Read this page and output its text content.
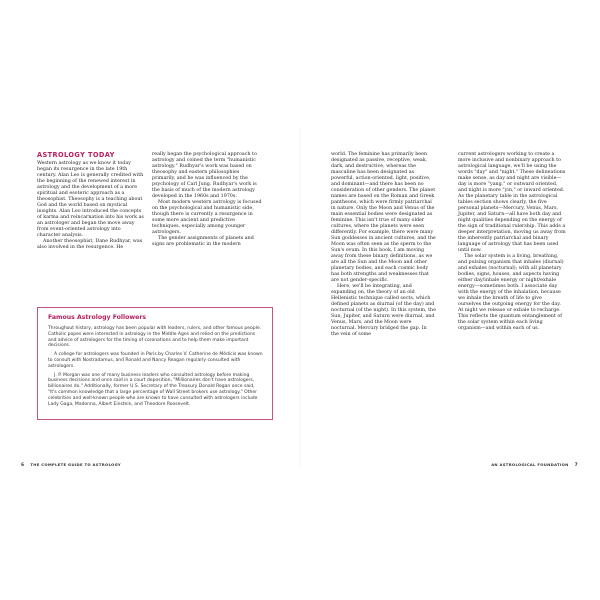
ASTROLOGY TODAY

Western astrology as we know it today began its resurgence in the late 19th century. Alan Leo is generally credited with the beginning of the renewed interest in astrology and the development of a more spiritual and esoteric approach as a theosophist. Theosophy is a teaching about God and the world based on mystical insights. Alan Leo introduced the concepts of karma and reincarnation into his work as an astrologer and began the move away from event-oriented astrology into character analysis.

Another theosophist, Dane Rudhyar, was also involved in the resurgence. He

really began the psychological approach to astrology and coined the term "humanistic astrology." Rudhyar's work was based on theosophy and eastern philosophies primarily, and he was influenced by the psychology of Carl Jung. Rudhyar's work is the basis of much of the modern astrology developed in the 1960s and 1970s.

Most modern western astrology is focused on the psychological and humanistic side, though there is currently a resurgence in some more ancient and predictive techniques, especially among younger astrologers.

The gender assignments of planets and signs are problematic in the modern

Famous Astrology Followers

Throughout history, astrology has been popular with leaders, rulers, and other famous people. Catholic popes were interested in astrology in the Middle Ages and relied on the predictions and advice of astrologers for the timing of coronations and to help them make important decisions.

A college for astrologers was founded in Paris by Charles V. Catherine de Médicis was known to consult with Nostradamus, and Ronald and Nancy Reagan regularly consulted with astrologers.

J. P. Morgan was one of many business leaders who consulted astrology before making business decisions and once said in a court deposition, "Millionaires don't have astrologers, billionaires do." Additionally, former U.S. Secretary of the Treasury Donald Regan once said, "It's common knowledge that a large percentage of Wall Street brokers use astrology." Other celebrities and well-known people who are known to have consulted with astrologers include Lady Gaga, Madonna, Albert Einstein, and Theodore Roosevelt.

world. The feminine has primarily been designated as passive, receptive, weak, dark, and destructive, whereas the masculine has been designated as powerful, action-oriented, light, positive, and dominant—and there has been no consideration of other genders. The planet names are based on the Roman and Greek pantheons, which were firmly patriarchal in nature. Only the Moon and Venus of the main essential bodies were designated as feminine. This isn't true of many older cultures, where the planets were seen differently. For example, there were many Sun goddesses in ancient cultures, and the Moon was often seen as the sperm to the Sun's ovum. In this book, I am moving away from these binary definitions, as we are all the Sun and the Moon and other planetary bodies, and each cosmic body has both strengths and weaknesses that are not gender-specific.

Here, we'll be integrating, and expanding on, the theory of an old Hellenistic technique called sects, which defined planets as diurnal (of the day) and nocturnal (of the night). In this system, the Sun, Jupiter, and Saturn were diurnal, and Venus, Mars, and the Moon were nocturnal. Mercury bridged the gap. In the vein of some

current astrologers working to create a more inclusive and nonbinary approach to astrological language, we'll be using the words "day" and "night." These delineations make sense, as day and night are visible—day is more "yang," or outward oriented, and night is more "yin," or inward oriented. As the planetary table in the astrological tables section shows clearly, the five personal planets—Mercury, Venus, Mars, Jupiter, and Saturn—all have both day and night qualities depending on the energy of the sign of traditional rulership. This adds a deeper interpretation, moving us away from the inherently patriarchal and binary language of astrology that has been used until now.

The solar system is a living, breathing, and pulsing organism that inhales (diurnal) and exhales (nocturnal); with all planetary bodies, signs, houses, and aspects having either day/inhale energy or night/exhale energy—sometimes both. I associate day with the energy of the inhalation, because we inhale the breath of life to give ourselves the outgoing energy for the day. At night we release or exhale to recharge. This reflects the quantum entanglement of the solar system within each living organism—and within each of us.

6 THE COMPLETE GUIDE TO ASTROLOGY	AN ASTROLOGICAL FOUNDATION 7
